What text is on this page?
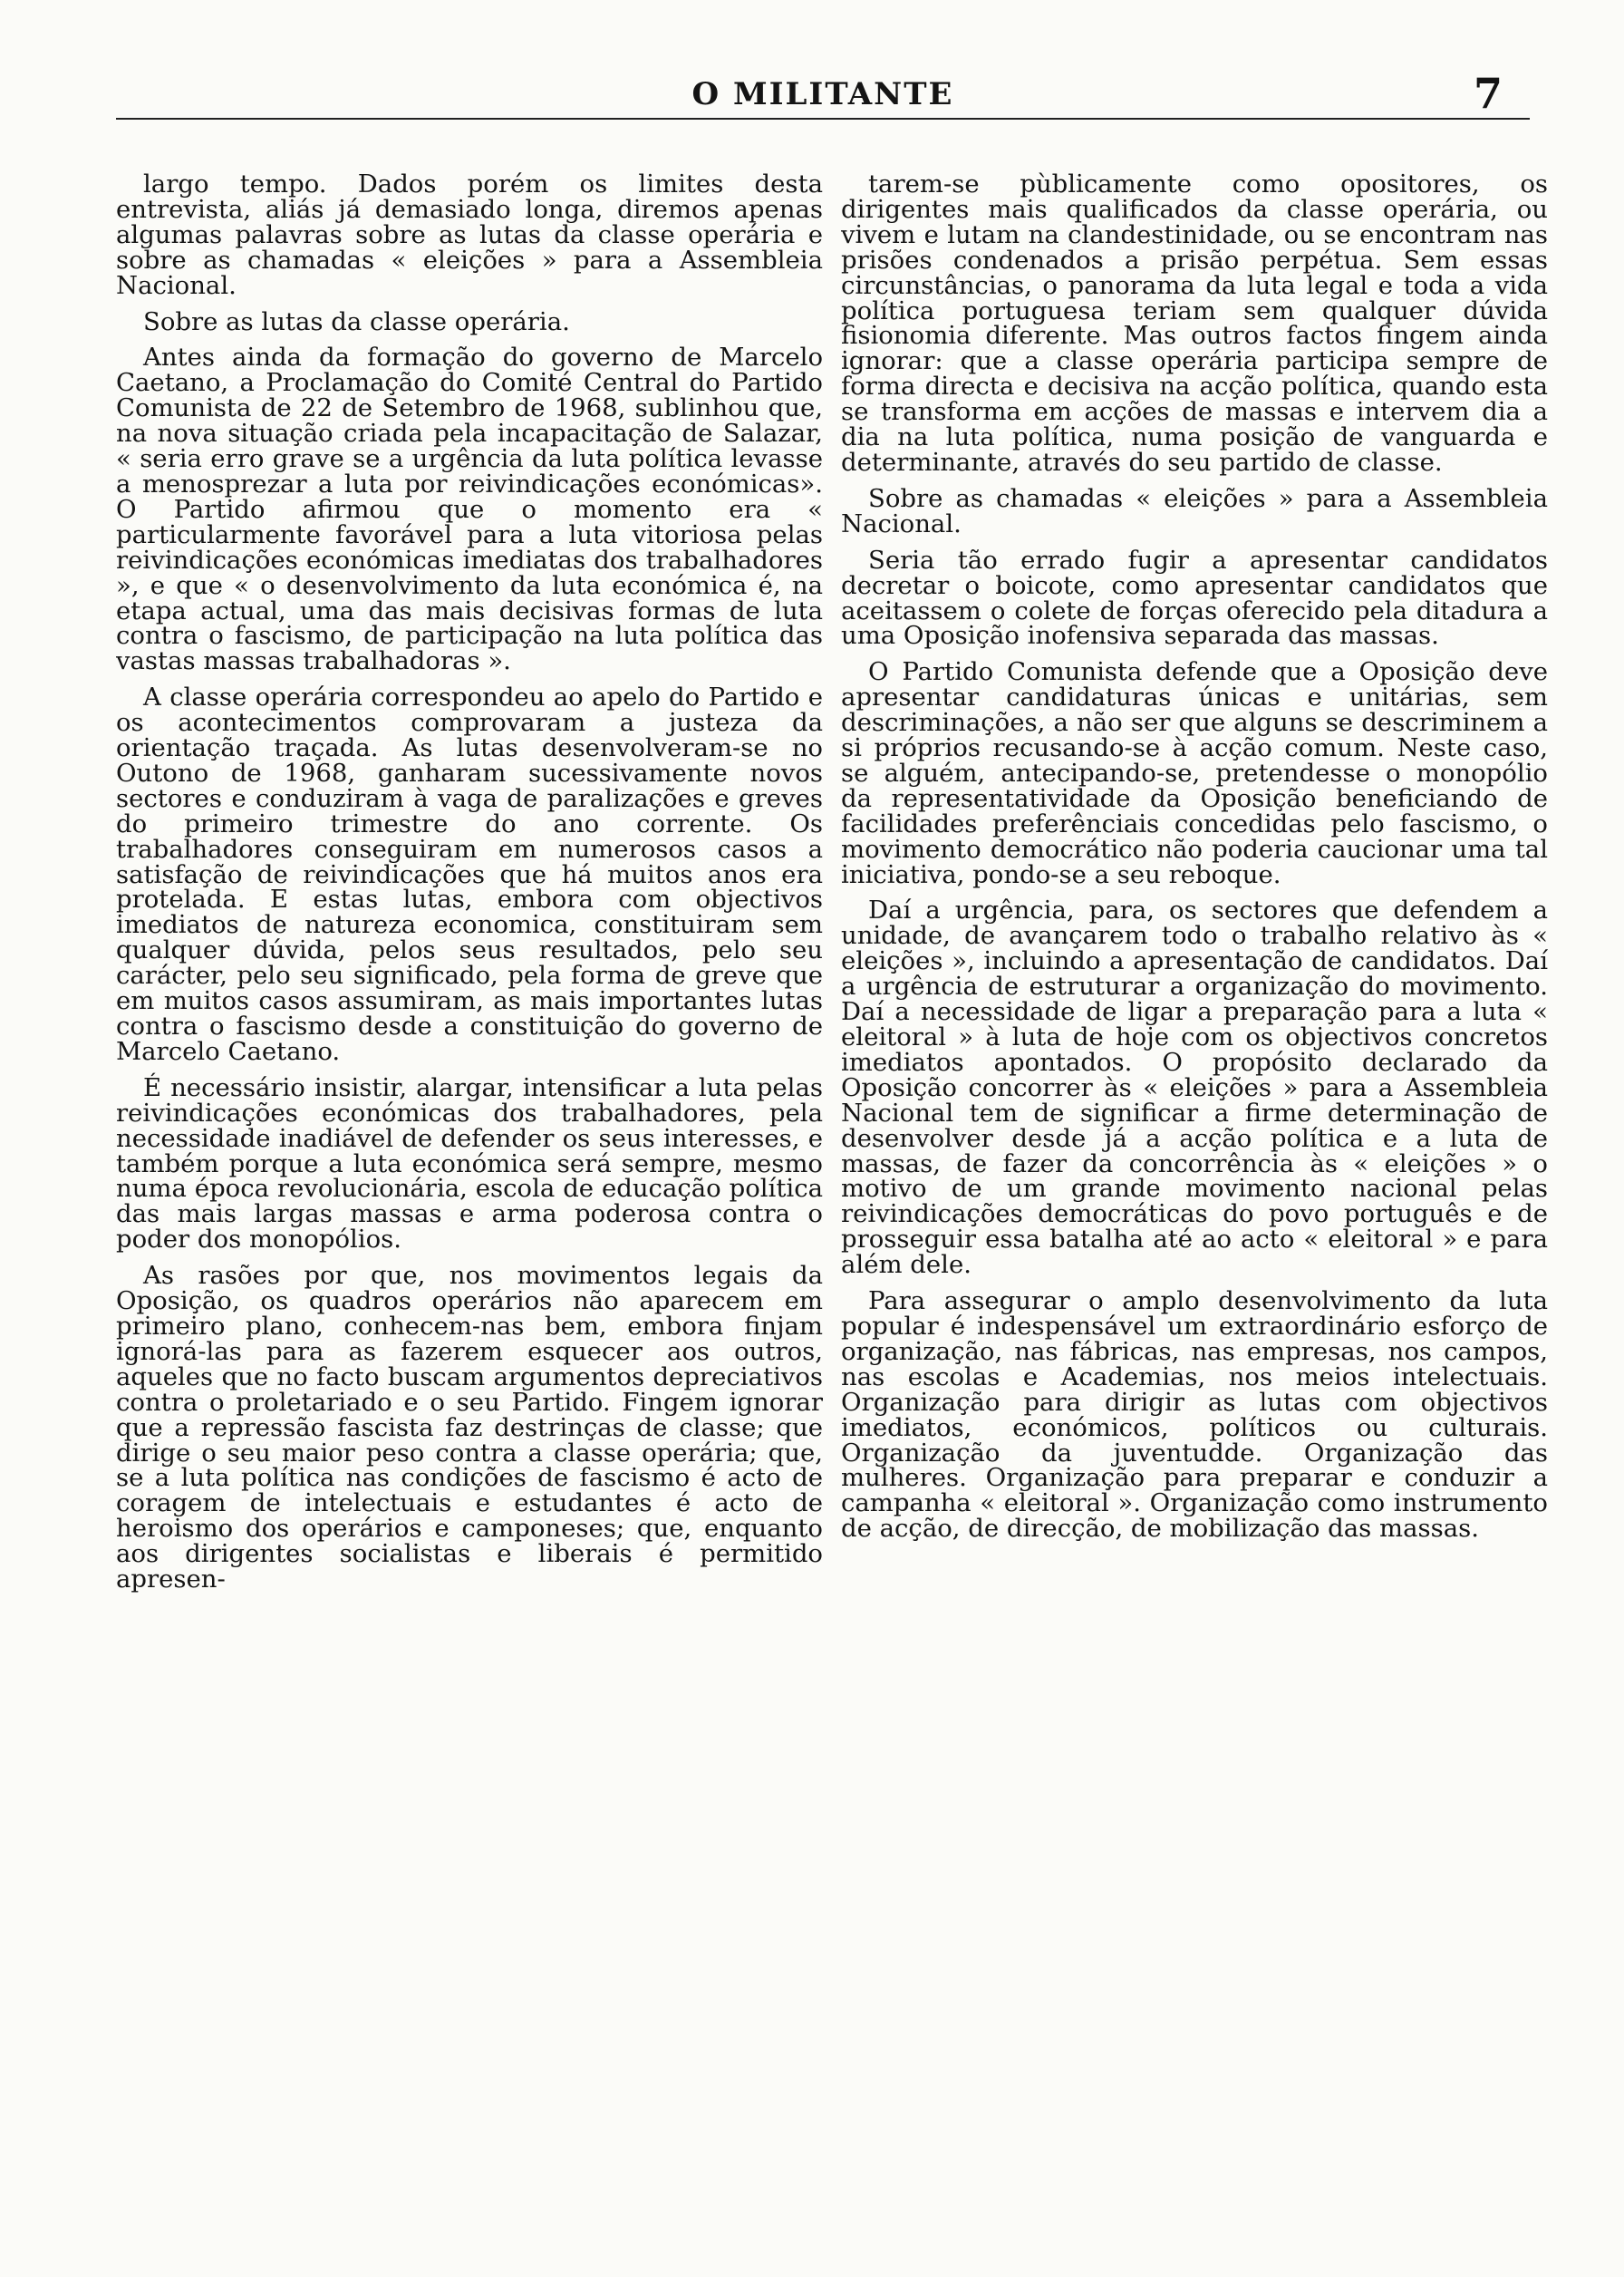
O MILITANTE	7

largo tempo. Dados porém os limites desta entrevista, aliás já demasiado longa, diremos apenas algumas palavras sobre as lutas da classe operária e sobre as chamadas « eleições » para a Assembleia Nacional.

Sobre as lutas da classe operária.

Antes ainda da formação do governo de Marcelo Caetano, a Proclamação do Comité Central do Partido Comunista de 22 de Setembro de 1968, sublinhou que, na nova situação criada pela incapacitação de Salazar, « seria erro grave se a urgência da luta política levasse a menosprezar a luta por reivindicações económicas». O Partido afirmou que o momento era « particularmente favorável para a luta vitoriosa pelas reivindicações económicas imediatas dos trabalhadores », e que « o desenvolvimento da luta económica é, na etapa actual, uma das mais decisivas formas de luta contra o fascismo, de participação na luta política das vastas massas trabalhadoras ».

A classe operária correspondeu ao apelo do Partido e os acontecimentos comprovaram a justeza da orientação traçada. As lutas desenvolveram-se no Outono de 1968, ganharam sucessivamente novos sectores e conduziram à vaga de paralizações e greves do primeiro trimestre do ano corrente. Os trabalhadores conseguiram em numerosos casos a satisfação de reivindicações que há muitos anos era protelada. E estas lutas, embora com objectivos imediatos de natureza economica, constituiram sem qualquer dúvida, pelos seus resultados, pelo seu carácter, pelo seu significado, pela forma de greve que em muitos casos assumiram, as mais importantes lutas contra o fascismo desde a constituição do governo de Marcelo Caetano.

É necessário insistir, alargar, intensificar a luta pelas reivindicações económicas dos trabalhadores, pela necessidade inadiável de defender os seus interesses, e também porque a luta económica será sempre, mesmo numa época revolucionária, escola de educação política das mais largas massas e arma poderosa contra o poder dos monopólios.

As rasões por que, nos movimentos legais da Oposição, os quadros operários não aparecem em primeiro plano, conhecem-nas bem, embora finjam ignorá-las para as fazerem esquecer aos outros, aqueles que no facto buscam argumentos depreciativos contra o proletariado e o seu Partido. Fingem ignorar que a repressão fascista faz destrinças de classe; que dirige o seu maior peso contra a classe operária; que, se a luta política nas condições de fascismo é acto de coragem de intelectuais e estudantes é acto de heroismo dos operários e camponeses; que, enquanto aos dirigentes socialistas e liberais é permitido apresen-

tarem-se pùblicamente como opositores, os dirigentes mais qualificados da classe operária, ou vivem e lutam na clandestinidade, ou se encontram nas prisões condenados a prisão perpétua. Sem essas circunstâncias, o panorama da luta legal e toda a vida política portuguesa teriam sem qualquer dúvida fisionomia diferente. Mas outros factos fingem ainda ignorar: que a classe operária participa sempre de forma directa e decisiva na acção política, quando esta se transforma em acções de massas e intervem dia a dia na luta política, numa posição de vanguarda e determinante, através do seu partido de classe.

Sobre as chamadas « eleições » para a Assembleia Nacional.

Seria tão errado fugir a apresentar candidatos decretar o boicote, como apresentar candidatos que aceitassem o colete de forças oferecido pela ditadura a uma Oposição inofensiva separada das massas.

O Partido Comunista defende que a Oposição deve apresentar candidaturas únicas e unitárias, sem descriminações, a não ser que alguns se descriminem a si próprios recusando-se à acção comum. Neste caso, se alguém, antecipando-se, pretendesse o monopólio da representatividade da Oposição beneficiando de facilidades preferênciais concedidas pelo fascismo, o movimento democrático não poderia caucionar uma tal iniciativa, pondo-se a seu reboque.

Daí a urgência, para, os sectores que defendem a unidade, de avançarem todo o trabalho relativo às « eleições », incluindo a apresentação de candidatos. Daí a urgência de estruturar a organização do movimento. Daí a necessidade de ligar a preparação para a luta « eleitoral » à luta de hoje com os objectivos concretos imediatos apontados. O propósito declarado da Oposição concorrer às « eleições » para a Assembleia Nacional tem de significar a firme determinação de desenvolver desde já a acção política e a luta de massas, de fazer da concorrência às « eleições » o motivo de um grande movimento nacional pelas reivindicações democráticas do povo português e de prosseguir essa batalha até ao acto « eleitoral » e para além dele.

Para assegurar o amplo desenvolvimento da luta popular é indespensável um extraordinário esforço de organização, nas fábricas, nas empresas, nos campos, nas escolas e Academias, nos meios intelectuais. Organização para dirigir as lutas com objectivos imediatos, económicos, políticos ou culturais. Organização da juventudde. Organização das mulheres. Organização para preparar e conduzir a campanha « eleitoral ». Organização como instrumento de acção, de direcção, de mobilização das massas.
